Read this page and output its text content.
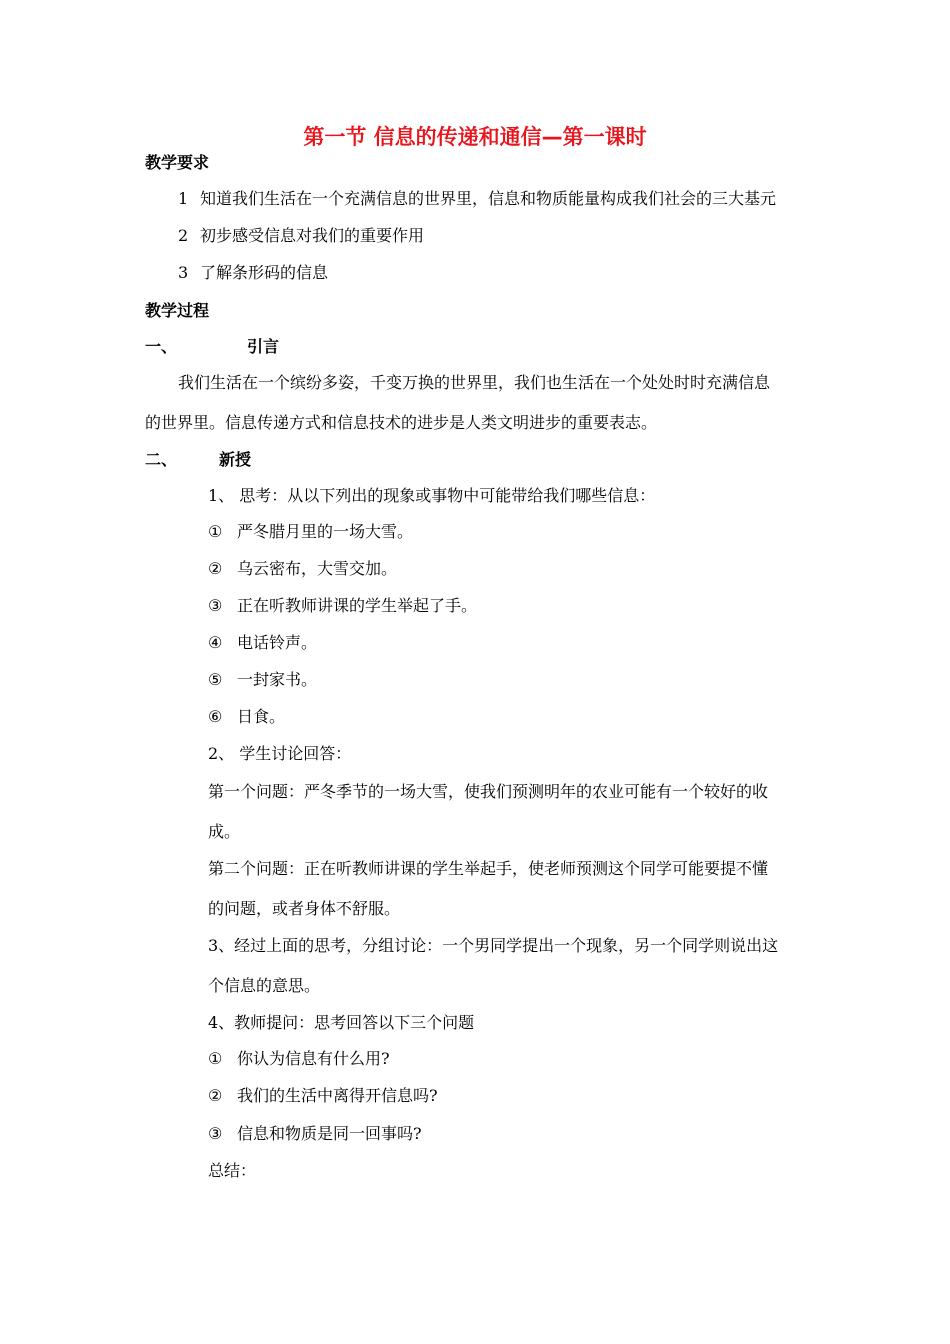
第一节 信息的传递和通信—第一课时
教学要求
1 知道我们生活在一个充满信息的世界里，信息和物质能量构成我们社会的三大基元
2 初步感受信息对我们的重要作用
3 了解条形码的信息
教学过程
一、	引言
我们生活在一个缤纷多姿，千变万换的世界里，我们也生活在一个处处时时充满信息
的世界里。信息传递方式和信息技术的进步是人类文明进步的重要表志。
二、	新授
1、 思考：从以下列出的现象或事物中可能带给我们哪些信息：
① 严冬腊月里的一场大雪。
② 乌云密布，大雪交加。
③ 正在听教师讲课的学生举起了手。
④ 电话铃声。
⑤ 一封家书。
⑥ 日食。
2、 学生讨论回答：
第一个问题：严冬季节的一场大雪，使我们预测明年的农业可能有一个较好的收
成。
第二个问题：正在听教师讲课的学生举起手，使老师预测这个同学可能要提不懂
的问题，或者身体不舒服。
3、经过上面的思考，分组讨论：一个男同学提出一个现象，另一个同学则说出这
个信息的意思。
4、教师提问：思考回答以下三个问题
① 你认为信息有什么用?
② 我们的生活中离得开信息吗?
③ 信息和物质是同一回事吗?
总结：
